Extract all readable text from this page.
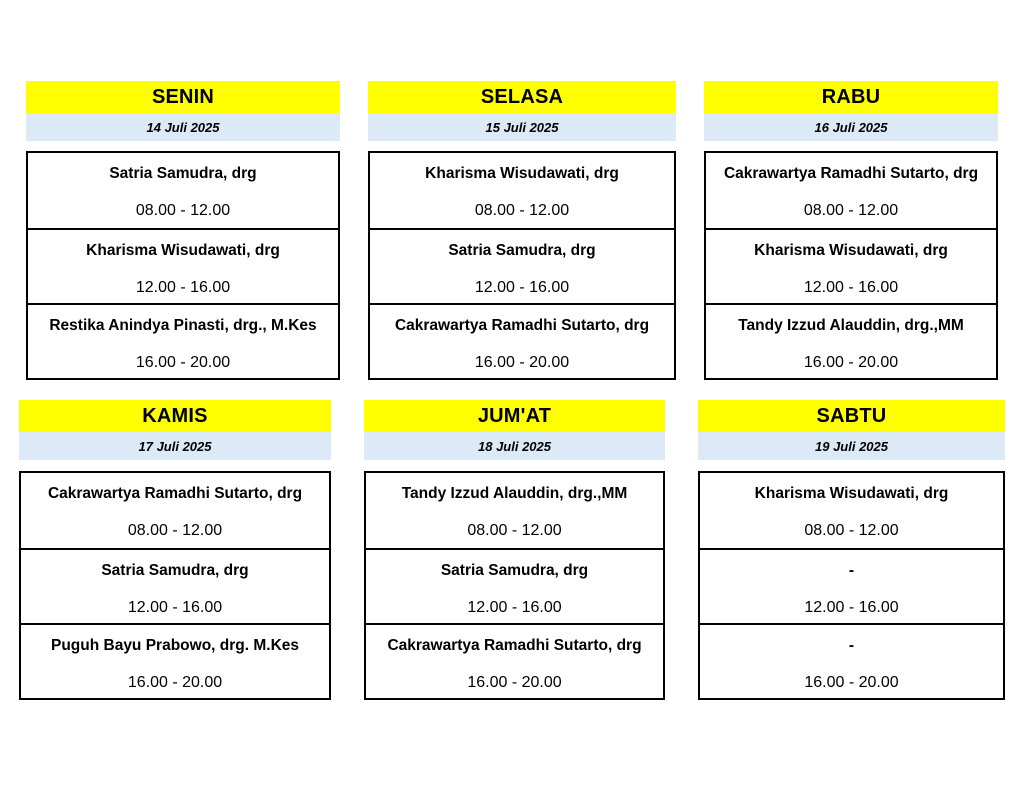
SENIN
14 Juli 2025
Satria Samudra, drg
08.00 - 12.00
Kharisma Wisudawati, drg
12.00 - 16.00
Restika Anindya Pinasti, drg., M.Kes
16.00 - 20.00
SELASA
15 Juli 2025
Kharisma Wisudawati, drg
08.00 - 12.00
Satria Samudra, drg
12.00 - 16.00
Cakrawartya Ramadhi Sutarto, drg
16.00 - 20.00
RABU
16 Juli 2025
Cakrawartya Ramadhi Sutarto, drg
08.00 - 12.00
Kharisma Wisudawati, drg
12.00 - 16.00
Tandy Izzud Alauddin, drg.,MM
16.00 - 20.00
KAMIS
17 Juli 2025
Cakrawartya Ramadhi Sutarto, drg
08.00 - 12.00
Satria Samudra, drg
12.00 - 16.00
Puguh Bayu Prabowo, drg. M.Kes
16.00 - 20.00
JUM'AT
18 Juli 2025
Tandy Izzud Alauddin, drg.,MM
08.00 - 12.00
Satria Samudra, drg
12.00 - 16.00
Cakrawartya Ramadhi Sutarto, drg
16.00 - 20.00
SABTU
19 Juli 2025
Kharisma Wisudawati, drg
08.00 - 12.00
-
12.00 - 16.00
-
16.00 - 20.00
